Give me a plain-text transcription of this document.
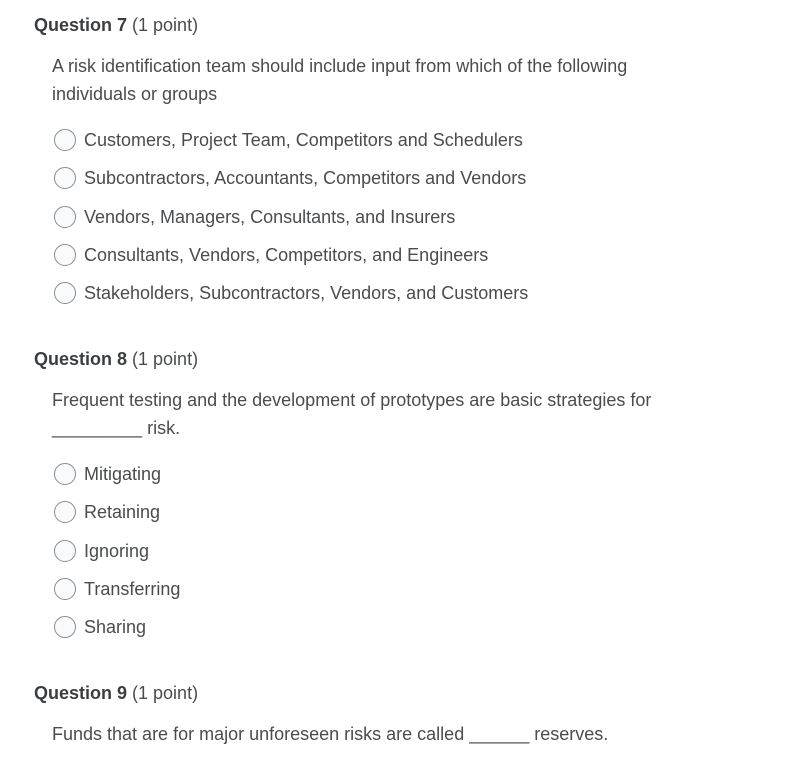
Question 7 (1 point)

A risk identification team should include input from which of the following
individuals or groups

Customers, Project Team, Competitors and Schedulers
Subcontractors, Accountants, Competitors and Vendors
Vendors, Managers, Consultants, and Insurers
Consultants, Vendors, Competitors, and Engineers
Stakeholders, Subcontractors, Vendors, and Customers

Question 8 (1 point)

Frequent testing and the development of prototypes are basic strategies for
_________ risk.

Mitigating
Retaining
Ignoring
Transferring
Sharing

Question 9 (1 point)

Funds that are for major unforeseen risks are called ______ reserves.
